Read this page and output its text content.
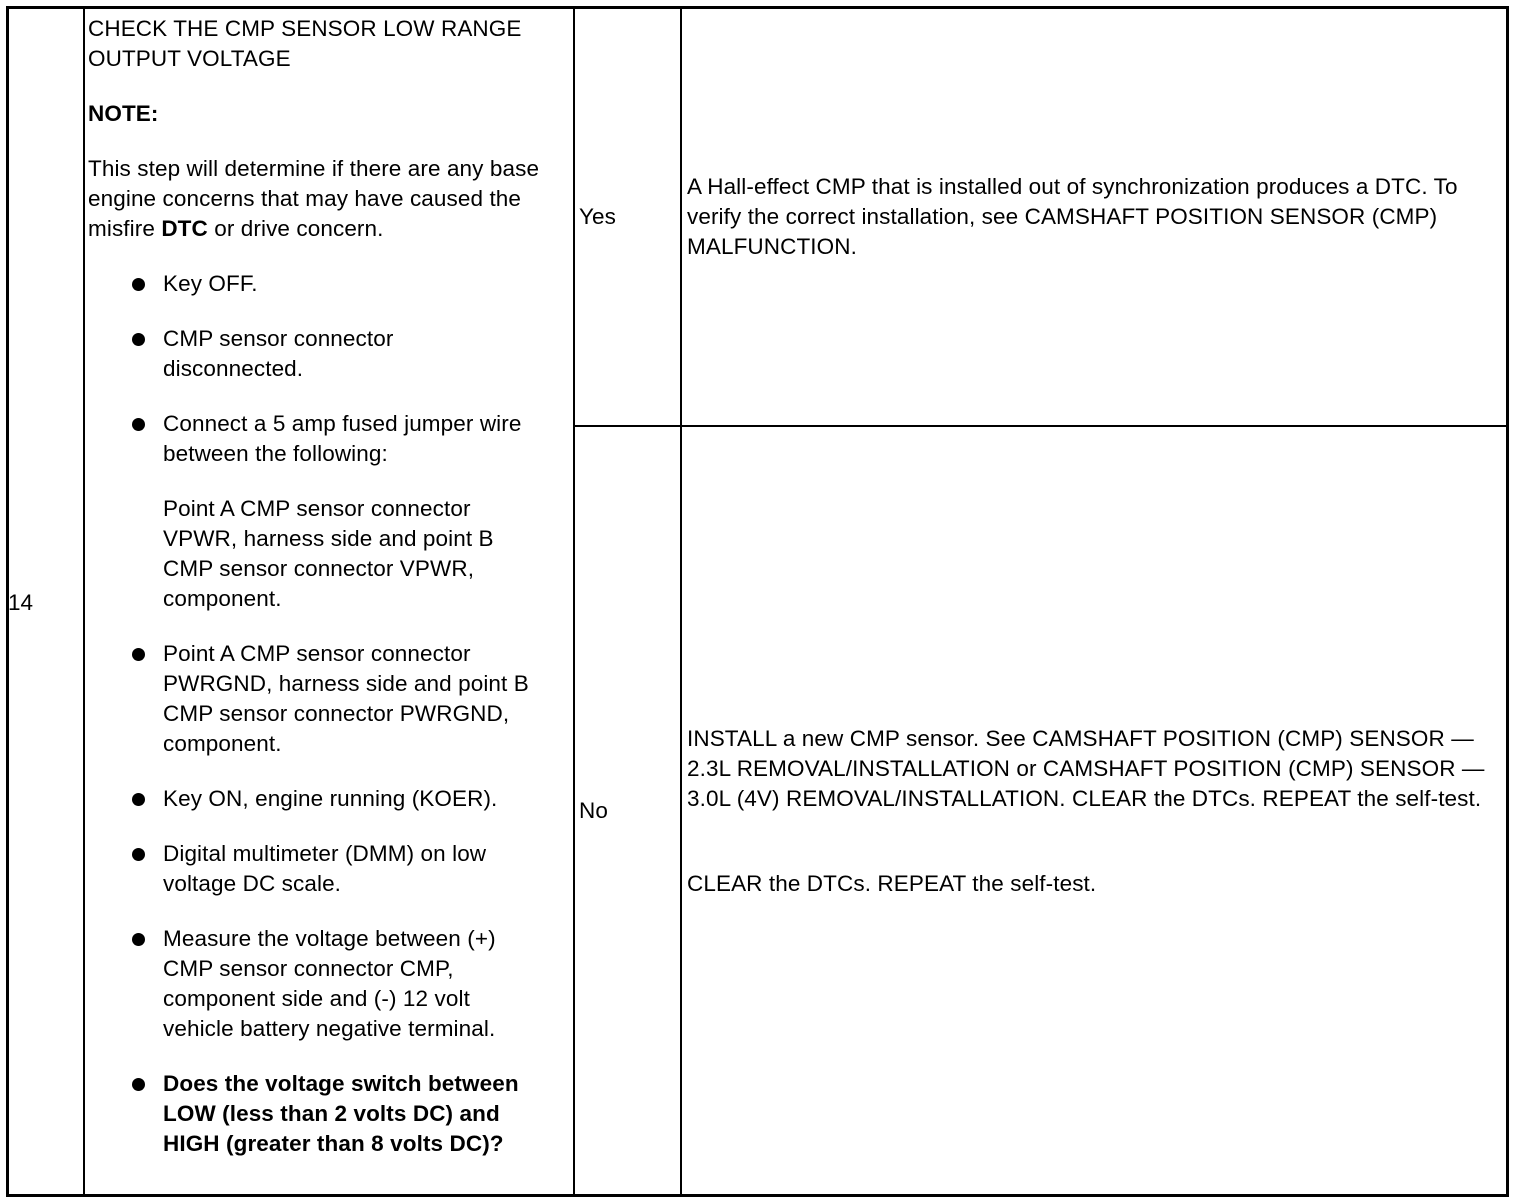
14
CHECK THE CMP SENSOR LOW RANGE OUTPUT VOLTAGE
NOTE:
This step will determine if there are any base engine concerns that may have caused the misfire DTC or drive concern.
Key OFF.
CMP sensor connector disconnected.
Connect a 5 amp fused jumper wire between the following:
Point A CMP sensor connector VPWR, harness side and point B CMP sensor connector VPWR, component.
Point A CMP sensor connector PWRGND, harness side and point B CMP sensor connector PWRGND, component.
Key ON, engine running (KOER).
Digital multimeter (DMM) on low voltage DC scale.
Measure the voltage between (+) CMP sensor connector CMP, component side and (-) 12 volt vehicle battery negative terminal.
Does the voltage switch between LOW (less than 2 volts DC) and HIGH (greater than 8 volts DC)?
Yes
A Hall-effect CMP that is installed out of synchronization produces a DTC. To verify the correct installation, see CAMSHAFT POSITION SENSOR (CMP) MALFUNCTION.
No
INSTALL a new CMP sensor. See CAMSHAFT POSITION (CMP) SENSOR — 2.3L REMOVAL/INSTALLATION or CAMSHAFT POSITION (CMP) SENSOR — 3.0L (4V) REMOVAL/INSTALLATION. CLEAR the DTCs. REPEAT the self-test.
CLEAR the DTCs. REPEAT the self-test.
